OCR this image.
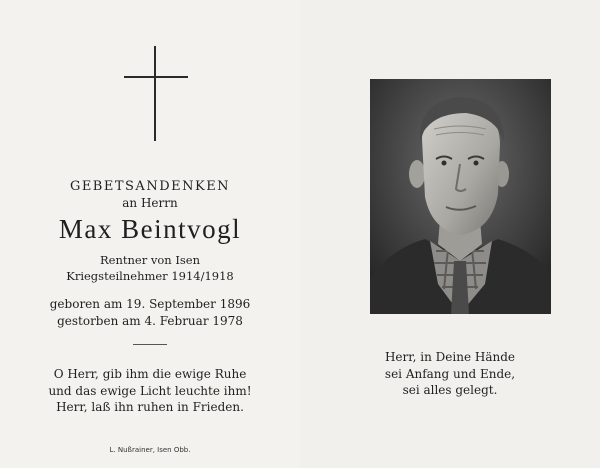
GEBETSANDENKEN
an Herrn
Max Beintvogl
Rentner von Isen
Kriegsteilnehmer 1914/1918
geboren am 19. September 1896
gestorben am 4. Februar 1978
O Herr, gib ihm die ewige Ruhe
und das ewige Licht leuchte ihm!
Herr, laß ihn ruhen in Frieden.
L. Nußrainer, Isen Obb.
Herr, in Deine Hände
sei Anfang und Ende,
sei alles gelegt.
